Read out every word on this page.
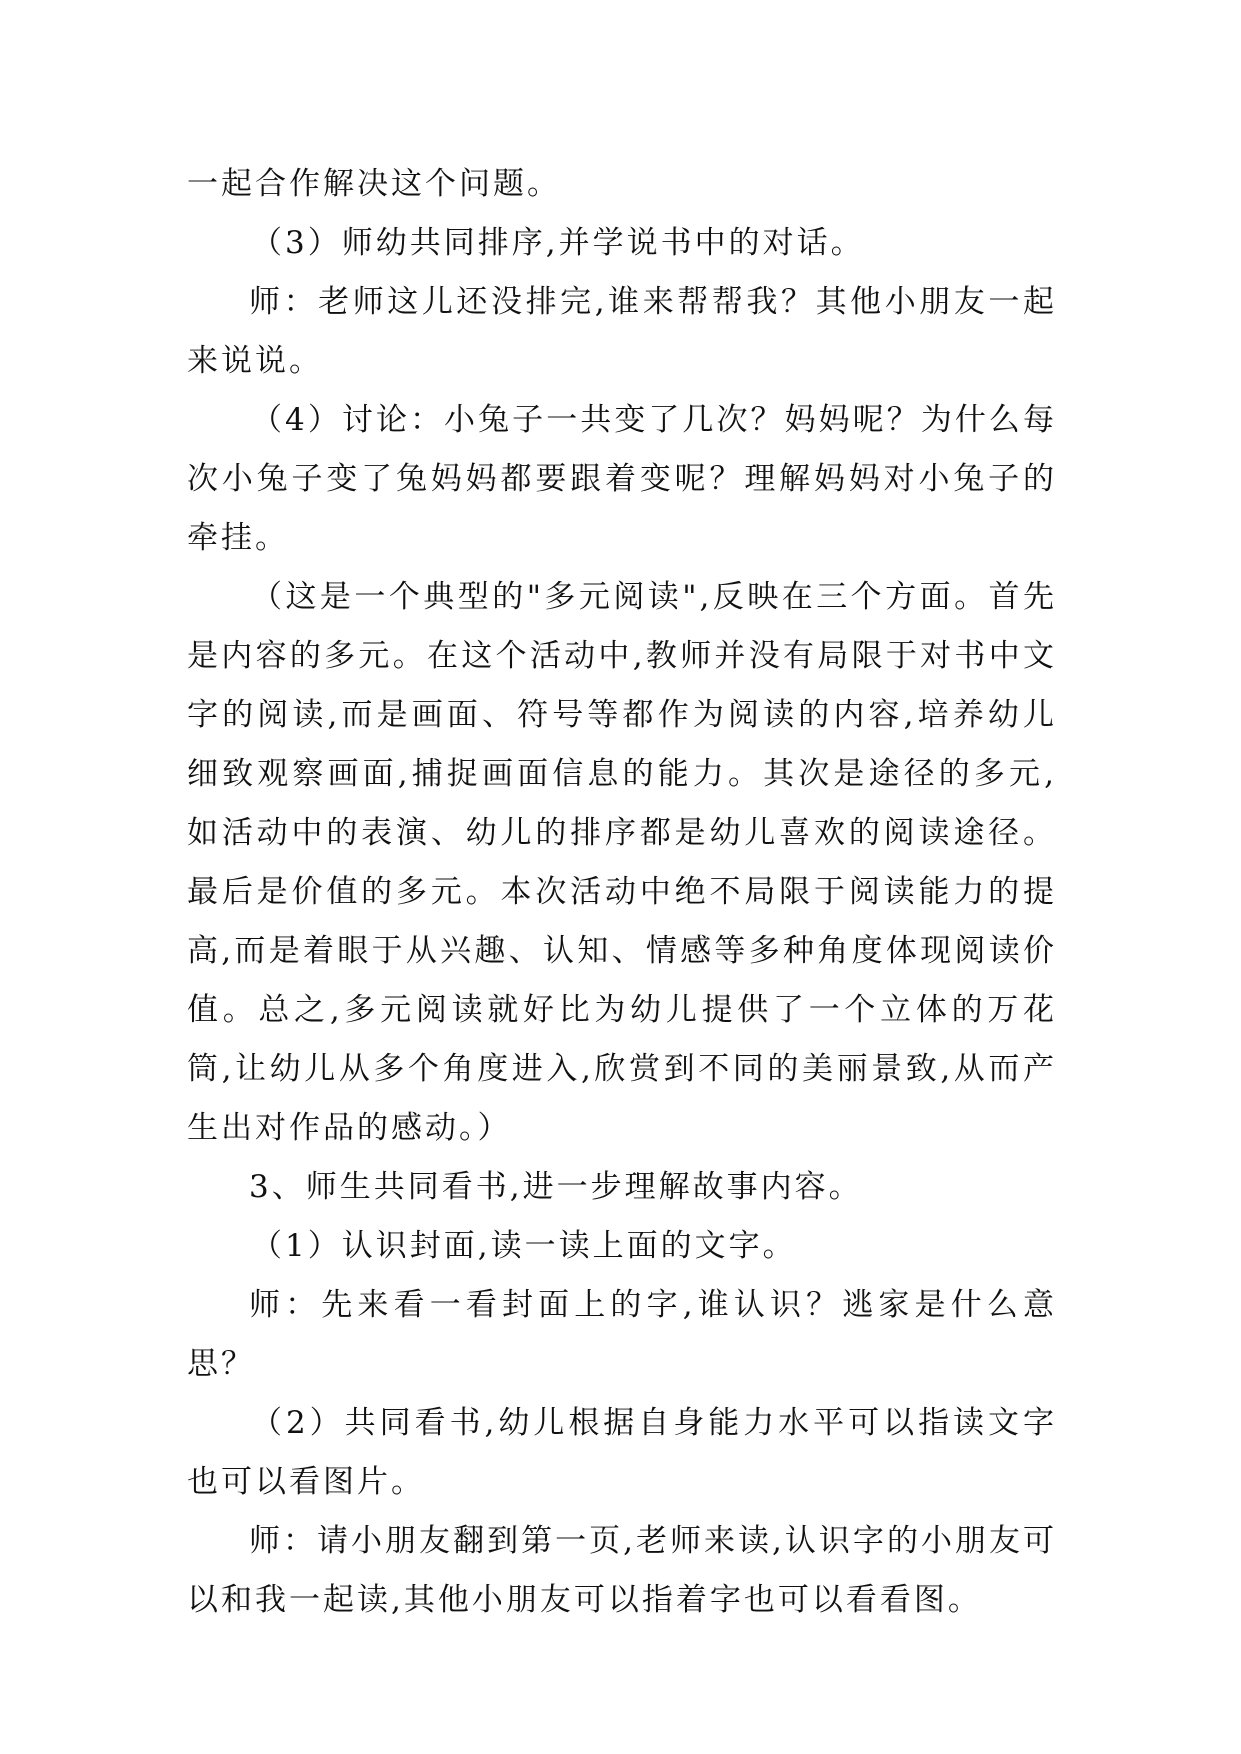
一起合作解决这个问题。

（3）师幼共同排序,并学说书中的对话。

师：老师这儿还没排完,谁来帮帮我？其他小朋友一起来说说。

（4）讨论：小兔子一共变了几次？妈妈呢？为什么每次小兔子变了兔妈妈都要跟着变呢？理解妈妈对小兔子的牵挂。

（这是一个典型的"多元阅读",反映在三个方面。首先是内容的多元。在这个活动中,教师并没有局限于对书中文字的阅读,而是画面、符号等都作为阅读的内容,培养幼儿细致观察画面,捕捉画面信息的能力。其次是途径的多元,如活动中的表演、幼儿的排序都是幼儿喜欢的阅读途径。最后是价值的多元。本次活动中绝不局限于阅读能力的提高,而是着眼于从兴趣、认知、情感等多种角度体现阅读价值。总之,多元阅读就好比为幼儿提供了一个立体的万花筒,让幼儿从多个角度进入,欣赏到不同的美丽景致,从而产生出对作品的感动。）

3、师生共同看书,进一步理解故事内容。

（1）认识封面,读一读上面的文字。

师：先来看一看封面上的字,谁认识？逃家是什么意思？

（2）共同看书,幼儿根据自身能力水平可以指读文字也可以看图片。

师：请小朋友翻到第一页,老师来读,认识字的小朋友可以和我一起读,其他小朋友可以指着字也可以看看图。
